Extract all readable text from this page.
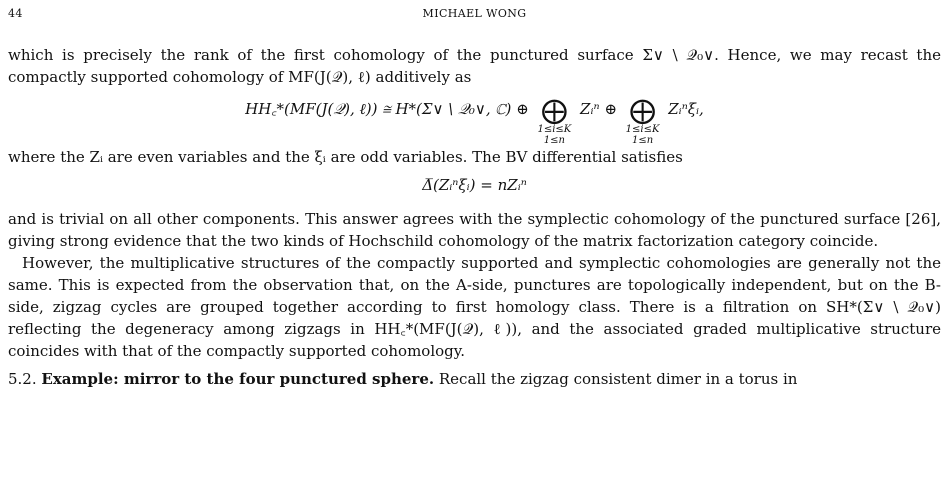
44	MICHAEL WONG

which is precisely the rank of the first cohomology of the punctured surface Σ∨ \ 𝒬₀∨. Hence, we may recast the compactly supported cohomology of MF(J(𝒬), ℓ) additively as

HH꜀*(MF(J(𝒬), ℓ)) ≅ H*(Σ∨ \ 𝒬₀∨, ℂ) ⊕ ⨁
1≤i≤K
1≤n
Zᵢⁿ ⊕ ⨁
1≤i≤K
1≤n
Zᵢⁿξᵢ,

where the Zᵢ are even variables and the ξᵢ are odd variables. The BV differential satisfies

Δ̅(Zᵢⁿξᵢ) = nZᵢⁿ

and is trivial on all other components. This answer agrees with the symplectic cohomology of the punctured surface [26], giving strong evidence that the two kinds of Hochschild cohomology of the matrix factorization category coincide.

However, the multiplicative structures of the compactly supported and symplectic cohomologies are generally not the same. This is expected from the observation that, on the A-side, punctures are topologically independent, but on the B-side, zigzag cycles are grouped together according to first homology class. There is a filtration on SH*(Σ∨ \ 𝒬₀∨) reflecting the degeneracy among zigzags in HH꜀*(MF(J(𝒬), ℓ)), and the associated graded multiplicative structure coincides with that of the compactly supported cohomology.

5.2. Example: mirror to the four punctured sphere. Recall the zigzag consistent dimer in a torus in
